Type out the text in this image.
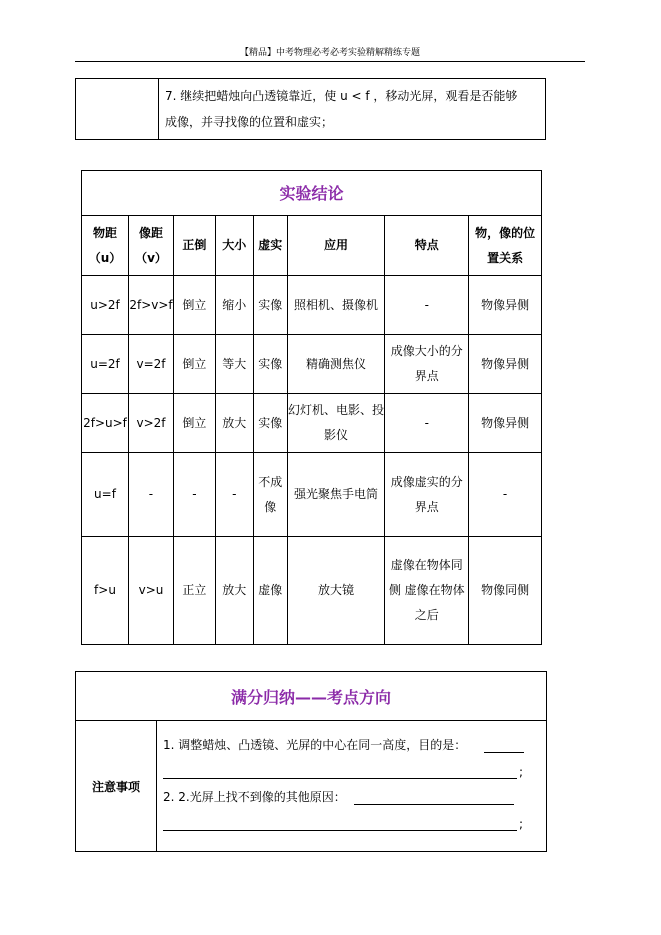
【精品】中考物理必考必考实验精解精练专题

7. 继续把蜡烛向凸透镜靠近，使 u < f ，移动光屏，观看是否能够
成像，并寻找像的位置和虚实；
实验结论							
物距（u）	像距（v）	正倒	大小	虚实	应用	特点	物，像的位置关系
u>2f	2f>v>f	倒立	缩小	实像	照相机、摄像机	-	物像异侧
u=2f	v=2f	倒立	等大	实像	精确测焦仪	成像大小的分界点	物像异侧
2f>u>f	v>2f	倒立	放大	实像	幻灯机、电影、投影仪	-	物像异侧
u=f	-	-	-	不成像	强光聚焦手电筒	成像虚实的分界点	-
f>u	v>u	正立	放大	虚像	放大镜	虚像在物体同侧 虚像在物体之后	物像同侧
满分归纳——考点方向
注意事项	
1. 调整蜡烛、凸透镜、光屏的中心在同一高度，目的是：
;
2. 2.光屏上找不到像的其他原因：
;
